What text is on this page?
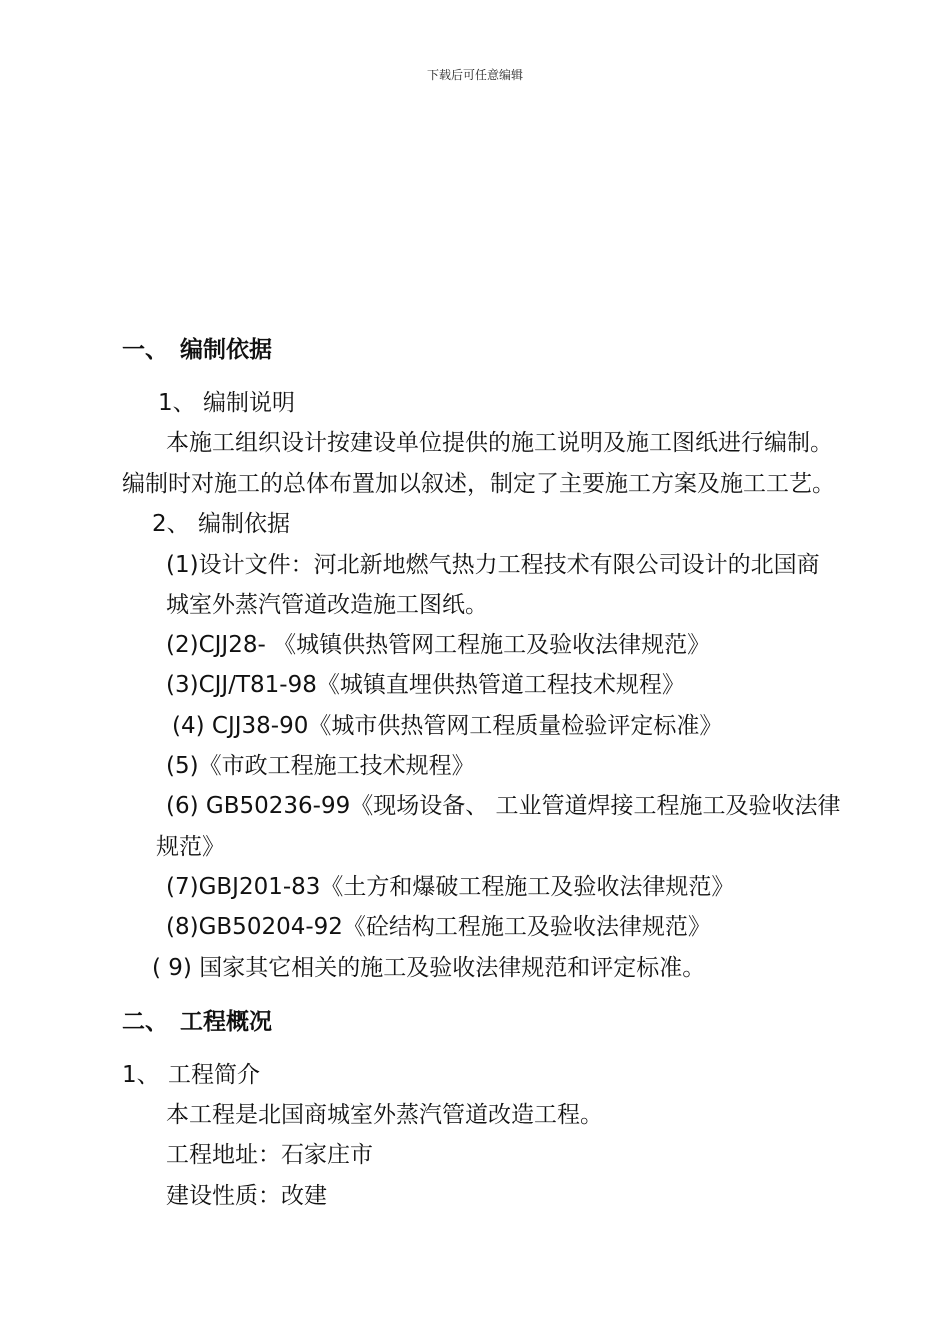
下载后可任意编辑
一、 编制依据
1、 编制说明
本施工组织设计按建设单位提供的施工说明及施工图纸进行编制。
编制时对施工的总体布置加以叙述，制定了主要施工方案及施工工艺。
2、 编制依据
(1)设计文件：河北新地燃气热力工程技术有限公司设计的北国商
城室外蒸汽管道改造施工图纸。
(2)CJJ28- 《城镇供热管网工程施工及验收法律规范》
(3)CJJ/T81-98《城镇直埋供热管道工程技术规程》
(4) CJJ38-90《城市供热管网工程质量检验评定标准》
(5)《市政工程施工技术规程》
(6) GB50236-99《现场设备、 工业管道焊接工程施工及验收法律
规范》
(7)GBJ201-83《土方和爆破工程施工及验收法律规范》
(8)GB50204-92《砼结构工程施工及验收法律规范》
( 9) 国家其它相关的施工及验收法律规范和评定标准。
二、 工程概况
1、 工程简介
本工程是北国商城室外蒸汽管道改造工程。
工程地址：石家庄市
建设性质：改建
